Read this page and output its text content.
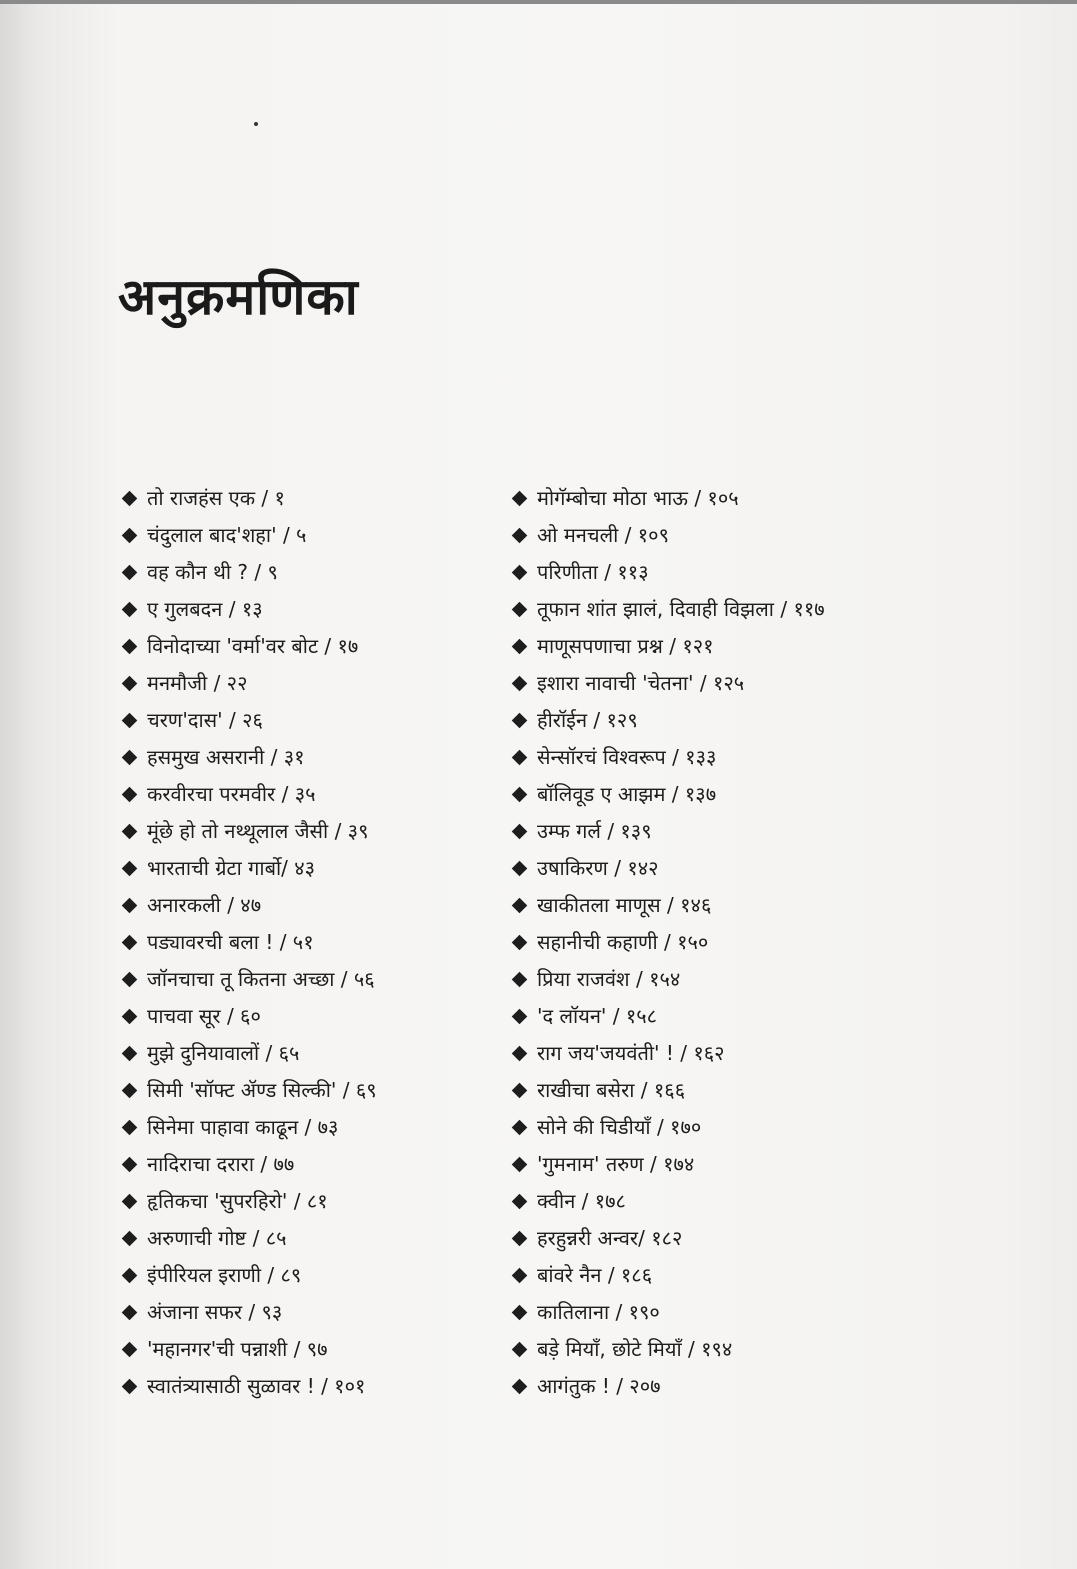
अनुक्रमणिका
तो राजहंस एक / १
चंदुलाल बाद'शहा' / ५
वह कौन थी ? / ९
ए गुलबदन / १३
विनोदाच्या 'वर्मा'वर बोट / १७
मनमौजी / २२
चरण'दास' / २६
हसमुख असरानी / ३१
करवीरचा परमवीर / ३५
मूंछे हो तो नथ्थूलाल जैसी / ३९
भारताची ग्रेटा गार्बो/ ४३
अनारकली / ४७
पड्यावरची बला ! / ५१
जॉनचाचा तू कितना अच्छा / ५६
पाचवा सूर / ६०
मुझे दुनियावालों / ६५
सिमी 'सॉफ्ट ॲण्ड सिल्की' / ६९
सिनेमा पाहावा काढून / ७३
नादिराचा दरारा / ७७
हृतिकचा 'सुपरहिरो' / ८१
अरुणाची गोष्ट / ८५
इंपीरियल इराणी / ८९
अंजाना सफर / ९३
'महानगर'ची पन्नाशी / ९७
स्वातंत्र्यासाठी सुळावर ! / १०१
मोगॅम्बोचा मोठा भाऊ / १०५
ओ मनचली / १०९
परिणीता / ११३
तूफान शांत झालं, दिवाही विझला / ११७
माणूसपणाचा प्रश्न / १२१
इशारा नावाची 'चेतना' / १२५
हीरॉईन / १२९
सेन्सॉरचं विश्वरूप / १३३
बॉलिवूड ए आझम / १३७
उम्फ गर्ल / १३९
उषाकिरण / १४२
खाकीतला माणूस / १४६
सहानीची कहाणी / १५०
प्रिया राजवंश / १५४
'द लॉयन' / १५८
राग जय'जयवंती' ! / १६२
राखीचा बसेरा / १६६
सोने की चिडीयाँ / १७०
'गुमनाम' तरुण / १७४
क्वीन / १७८
हरहुन्नरी अन्वर/ १८२
बांवरे नैन / १८६
कातिलाना / १९०
बड़े मियाँ, छोटे मियाँ / १९४
आगंतुक ! / २०७
